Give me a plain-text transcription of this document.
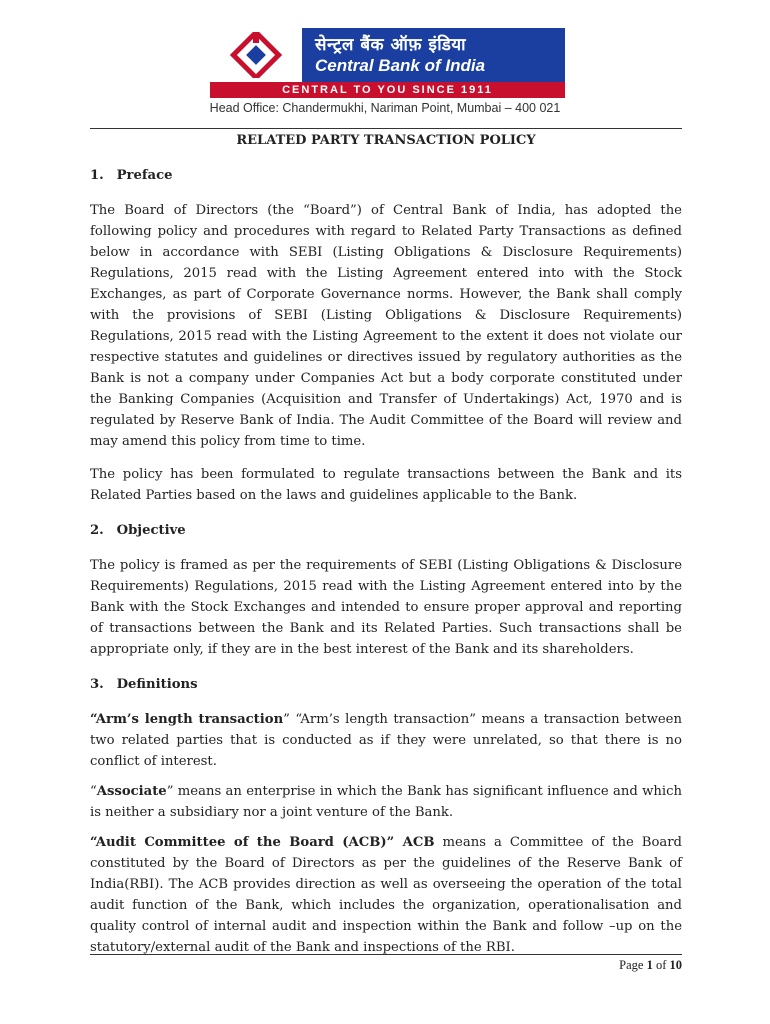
सेन्ट्रल बैंक ऑफ़ इंडिया
Central Bank of India
CENTRAL TO YOU SINCE 1911
Head Office: Chandermukhi, Nariman Point, Mumbai – 400 021
RELATED PARTY TRANSACTION POLICY
1. Preface

The Board of Directors (the “Board”) of Central Bank of India, has adopted the following policy and procedures with regard to Related Party Transactions as defined below in accordance with SEBI (Listing Obligations & Disclosure Requirements) Regulations, 2015 read with the Listing Agreement entered into with the Stock Exchanges, as part of Corporate Governance norms. However, the Bank shall comply with the provisions of SEBI (Listing Obligations & Disclosure Requirements) Regulations, 2015 read with the Listing Agreement to the extent it does not violate our respective statutes and guidelines or directives issued by regulatory authorities as the Bank is not a company under Companies Act but a body corporate constituted under the Banking Companies (Acquisition and Transfer of Undertakings) Act, 1970 and is regulated by Reserve Bank of India. The Audit Committee of the Board will review and may amend this policy from time to time.

The policy has been formulated to regulate transactions between the Bank and its Related Parties based on the laws and guidelines applicable to the Bank.

2. Objective

The policy is framed as per the requirements of SEBI (Listing Obligations & Disclosure Requirements) Regulations, 2015 read with the Listing Agreement entered into by the Bank with the Stock Exchanges and intended to ensure proper approval and reporting of transactions between the Bank and its Related Parties. Such transactions shall be appropriate only, if they are in the best interest of the Bank and its shareholders.

3. Definitions

“Arm’s length transaction” “Arm’s length transaction” means a transaction between two related parties that is conducted as if they were unrelated, so that there is no conflict of interest.

“Associate” means an enterprise in which the Bank has significant influence and which is neither a subsidiary nor a joint venture of the Bank.

“Audit Committee of the Board (ACB)” ACB means a Committee of the Board constituted by the Board of Directors as per the guidelines of the Reserve Bank of India(RBI). The ACB provides direction as well as overseeing the operation of the total audit function of the Bank, which includes the organization, operationalisation and quality control of internal audit and inspection within the Bank and follow –up on the statutory/external audit of the Bank and inspections of the RBI.

Page 1 of 10
